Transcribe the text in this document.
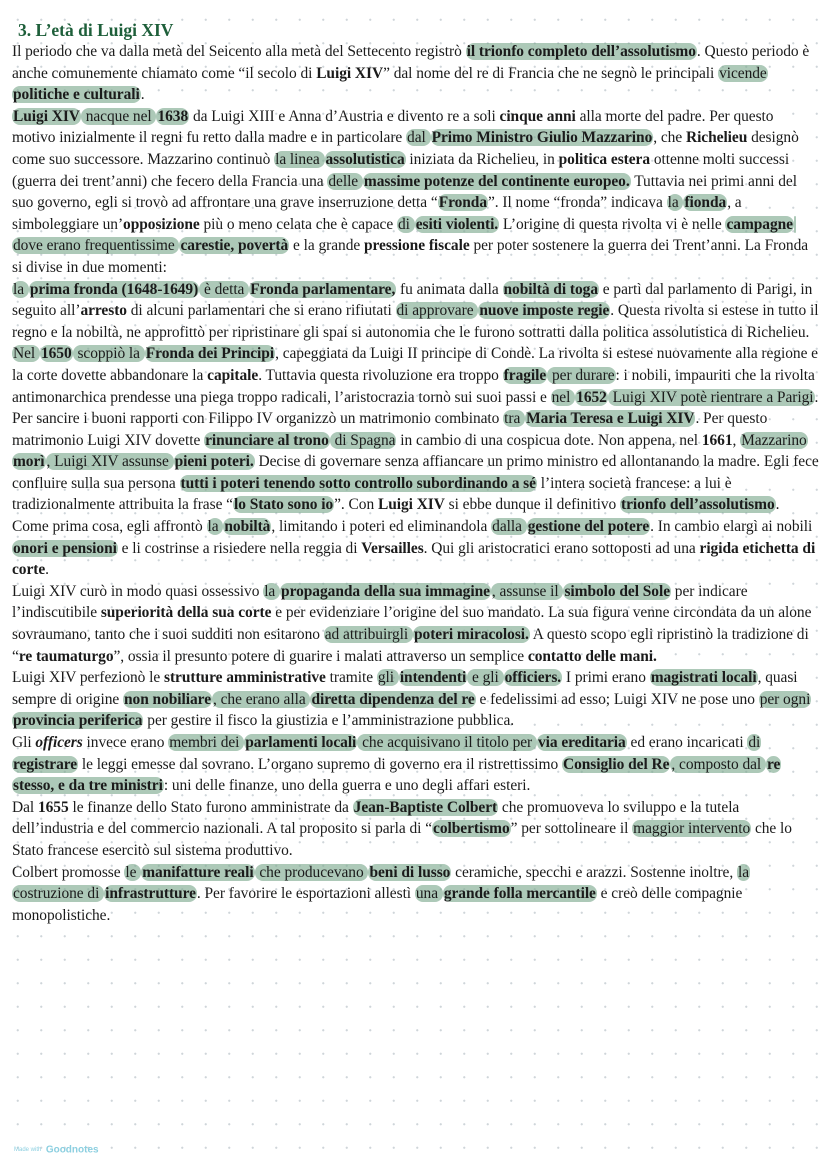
3. L’età di Luigi XIV

Il periodo che va dalla metà del Seicento alla metà del Settecento registrò il trionfo completo dell’assolutismo. Questo periodo è anche comunemente chiamato come “il secolo di Luigi XIV” dal nome del re di Francia che ne segnò le principali vicende politiche e culturali.

Luigi XIV nacque nel 1638 da Luigi XIII e Anna d’Austria e divento re a soli cinque anni alla morte del padre. Per questo motivo inizialmente il regni fu retto dalla madre e in particolare dal Primo Ministro Giulio Mazzarino, che Richelieu designò come suo successore. Mazzarino continuò la linea assolutistica iniziata da Richelieu, in politica estera ottenne molti successi (guerra dei trent’anni) che fecero della Francia una delle massime potenze del continente europeo. Tuttavia nei primi anni del suo governo, egli si trovò ad affrontare una grave inserruzione detta “Fronda”. Il nome “fronda” indicava la fionda, a simboleggiare un’opposizione più o meno celata che è capace di esiti violenti. L’origine di questa rivolta vi è nelle campagne dove erano frequentissime carestie, povertà e la grande pressione fiscale per poter sostenere la guerra dei Trent’anni. La Fronda si divise in due momenti:

la prima fronda (1648-1649) è detta Fronda parlamentare, fu animata dalla nobiltà di toga e partì dal parlamento di Parigi, in seguito all’arresto di alcuni parlamentari che si erano rifiutati di approvare nuove imposte regie. Questa rivolta si estese in tutto il regno e la nobiltà, ne approfittò per ripristinare gli spai si autonomia che le furono sottratti dalla politica assolutistica di Richelieu.

Nel 1650 scoppiò la Fronda dei Principi, capeggiata da Luigi II principe di Condè. La rivolta si estese nuovamente alla regione e la corte dovette abbandonare la capitale. Tuttavia questa rivoluzione era troppo fragile per durare: i nobili, impauriti che la rivolta antimonarchica prendesse una piega troppo radicali, l’aristocrazia tornò sui suoi passi e nel 1652 Luigi XIV potè rientrare a Parigi.

Per sancire i buoni rapporti con Filippo IV organizzò un matrimonio combinato tra Maria Teresa e Luigi XIV. Per questo matrimonio Luigi XIV dovette rinunciare al trono di Spagna in cambio di una cospicua dote. Non appena, nel 1661, Mazzarino morì , Luigi XIV assunse pieni poteri. Decise di governare senza affiancare un primo ministro ed allontanando la madre. Egli fece confluire sulla sua persona tutti i poteri tenendo sotto controllo subordinando a sé l’intera società francese: a lui è tradizionalmente attribuita la frase “lo Stato sono io”. Con Luigi XIV si ebbe dunque il definitivo trionfo dell’assolutismo.

Come prima cosa, egli affrontò la nobiltà, limitando i poteri ed eliminandola dalla gestione del potere. In cambio elargì ai nobili onori e pensioni e li costrinse a risiedere nella reggia di Versailles. Qui gli aristocratici erano sottoposti ad una rigida etichetta di corte.

Luigi XIV curò in modo quasi ossessivo la propaganda della sua immagine , assunse il simbolo del Sole per indicare l’indiscutibile superiorità della sua corte e per evidenziare l’origine del suo mandato. La sua figura venne circondata da un alone sovraumano, tanto che i suoi sudditi non esitarono ad attribuirgli poteri miracolosi. A questo scopo egli ripristinò la tradizione di “re taumaturgo”, ossia il presunto potere di guarire i malati attraverso un semplice contatto delle mani.

Luigi XIV perfezionò le strutture amministrative tramite gli intendenti e gli officiers. I primi erano magistrati locali, quasi sempre di origine non nobiliare , che erano alla diretta dipendenza del re e fedelissimi ad esso; Luigi XIV ne pose uno per ogni provincia periferica per gestire il fisco la giustizia e l’amministrazione pubblica.

Gli officers invece erano membri dei parlamenti locali che acquisivano il titolo per via ereditaria ed erano incaricati di registrare le leggi emesse dal sovrano. L’organo supremo di governo era il ristrettissimo Consiglio del Re , composto dal re stesso, e da tre ministri: uni delle finanze, uno della guerra e uno degli affari esteri.

Dal 1655 le finanze dello Stato furono amministrate da Jean-Baptiste Colbert che promuoveva lo sviluppo e la tutela dell’industria e del commercio nazionali. A tal proposito si parla di “colbertismo” per sottolineare il maggior intervento che lo Stato francese esercitò sul sistema produttivo.

Colbert promosse le manifatture reali che producevano beni di lusso ceramiche, specchi e arazzi. Sostenne inoltre, la costruzione di infrastrutture. Per favorire le esportazioni allestì una grande folla mercantile e creò delle compagnie monopolistiche.

Made with Goodnotes
